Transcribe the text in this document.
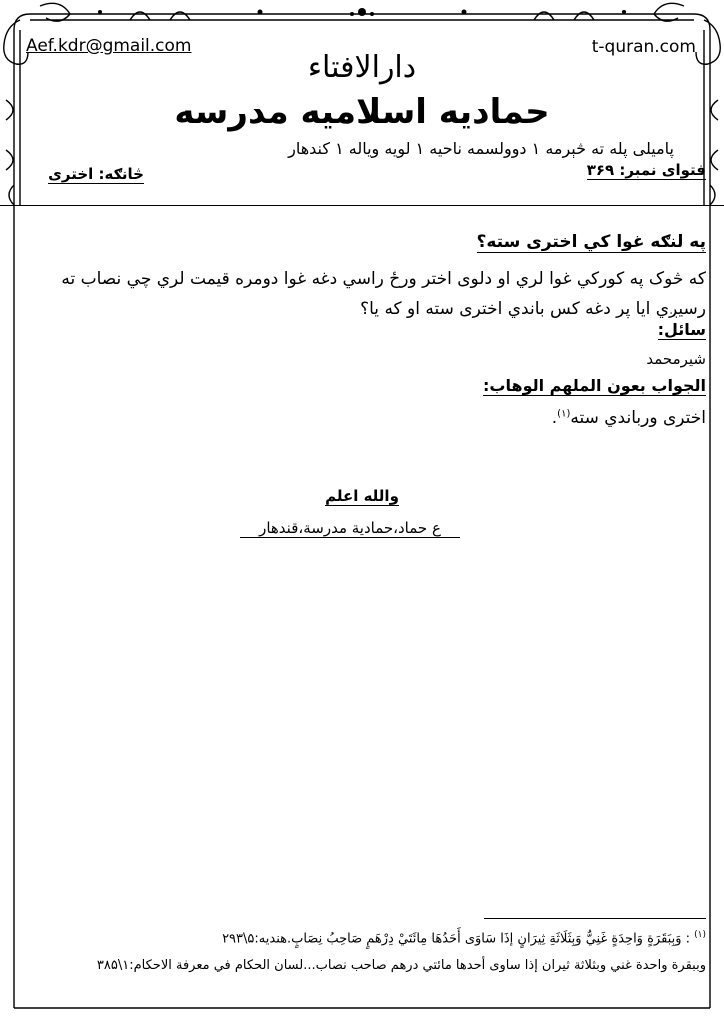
Aef.kdr@gmail.com	t-quran.com
دارالافتاء
حمادیه اسلامیه مدرسه
پامیلی پله ته څېرمه ۱ دوولسمه ناحیه ۱ لویه ویاله ۱ کندهار
فتوای نمبر: ۳۶۹
څانګه: اختری
په لنګه غوا کي اختری سته؟
که څوک په کورکي غوا لري او دلوی اختر ورځ راسي دغه غوا دومره قیمت لري چي نصاب ته رسیږي ایا پر دغه کس باندي اختری سته او که یا؟
سائل:
شیرمحمد
الجواب بعون الملهم الوهاب:
اختری ورباندي سته$^{(۱)}$.
والله اعلم
ع حماد،حمادیة مدرسة،قندهار
$^{(۱)}$ : وَبِبَقَرَةٍ وَاحِدَةٍ غَنِيٌّ وَبِثَلَاثَةِ ثِيرَانٍ إذَا سَاوَى أَحَدُهَا مِائَتَيْ دِرْهَمٍ صَاحِبُ نِصَابٍ.هندیه:۵\۲۹۳
وببقرة واحدة غني وبثلاثة ثيران إذا ساوى أحدها مائتي درهم صاحب نصاب...لسان الحکام في معرفة الاحکام:۱\۳۸۵
